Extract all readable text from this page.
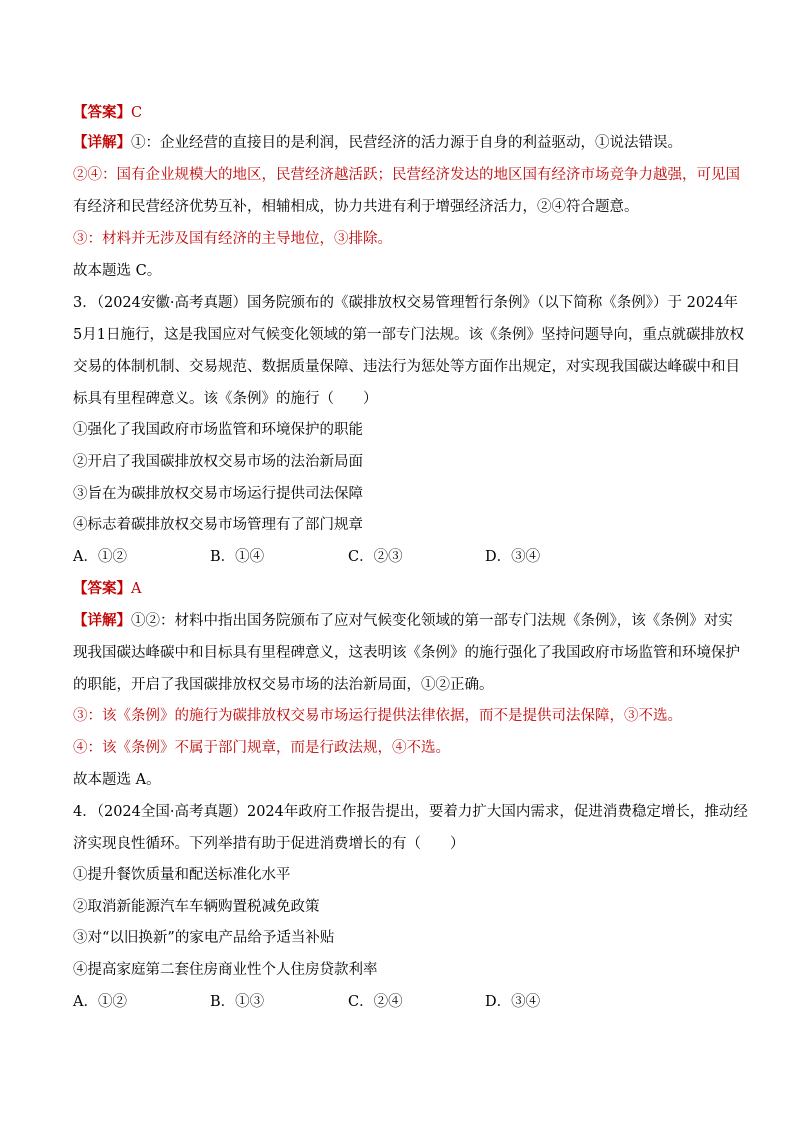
【答案】C
【详解】①：企业经营的直接目的是利润，民营经济的活力源于自身的利益驱动，①说法错误。
②④：国有企业规模大的地区，民营经济越活跃；民营经济发达的地区国有经济市场竞争力越强，可见国
有经济和民营经济优势互补，相辅相成，协力共进有利于增强经济活力，②④符合题意。
③：材料并无涉及国有经济的主导地位，③排除。
故本题选 C。
3．（2024安徽·高考真题）国务院颁布的《碳排放权交易管理暂行条例》（以下简称《条例》）于 2024年
5月1日施行，这是我国应对气候变化领域的第一部专门法规。该《条例》坚持问题导向，重点就碳排放权
交易的体制机制、交易规范、数据质量保障、违法行为惩处等方面作出规定，对实现我国碳达峰碳中和目
标具有里程碑意义。该《条例》的施行（　　）
①强化了我国政府市场监管和环境保护的职能
②开启了我国碳排放权交易市场的法治新局面
③旨在为碳排放权交易市场运行提供司法保障
④标志着碳排放权交易市场管理有了部门规章
A．①②	B．①④	C．②③	D．③④
【答案】A
【详解】①②：材料中指出国务院颁布了应对气候变化领域的第一部专门法规《条例》，该《条例》对实
现我国碳达峰碳中和目标具有里程碑意义，这表明该《条例》的施行强化了我国政府市场监管和环境保护
的职能，开启了我国碳排放权交易市场的法治新局面，①②正确。
③：该《条例》的施行为碳排放权交易市场运行提供法律依据，而不是提供司法保障，③不选。
④：该《条例》不属于部门规章，而是行政法规，④不选。
故本题选 A。
4．（2024全国·高考真题）2024年政府工作报告提出，要着力扩大国内需求，促进消费稳定增长，推动经
济实现良性循环。下列举措有助于促进消费增长的有（　　）
①提升餐饮质量和配送标准化水平
②取消新能源汽车车辆购置税减免政策
③对“以旧换新”的家电产品给予适当补贴
④提高家庭第二套住房商业性个人住房贷款利率
A．①②	B．①③	C．②④	D．③④
